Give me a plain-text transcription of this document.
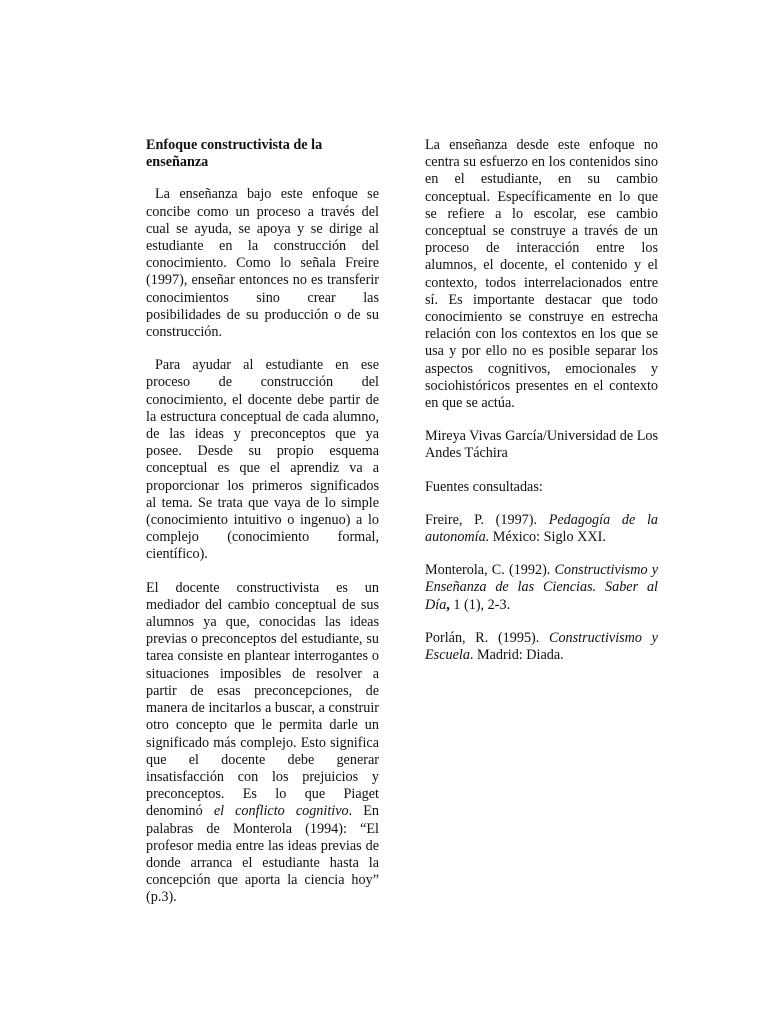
Enfoque constructivista de la enseñanza

La enseñanza bajo este enfoque se concibe como un proceso a través del cual se ayuda, se apoya y se dirige al estudiante en la construcción del conocimiento. Como lo señala Freire (1997), enseñar entonces no es transferir conocimientos sino crear las posibilidades de su producción o de su construcción.

Para ayudar al estudiante en ese proceso de construcción del conocimiento, el docente debe partir de la estructura conceptual de cada alumno, de las ideas y preconceptos que ya posee. Desde su propio esquema conceptual es que el aprendiz va a proporcionar los primeros significados al tema. Se trata que vaya de lo simple (conocimiento intuitivo o ingenuo) a lo complejo (conocimiento formal, científico).

El docente constructivista es un mediador del cambio conceptual de sus alumnos ya que, conocidas las ideas previas o preconceptos del estudiante, su tarea consiste en plantear interrogantes o situaciones imposibles de resolver a partir de esas preconcepciones, de manera de incitarlos a buscar, a construir otro concepto que le permita darle un significado más complejo. Esto significa que el docente debe generar insatisfacción con los prejuicios y preconceptos. Es lo que Piaget denominó el conflicto cognitivo. En palabras de Monterola (1994): “El profesor media entre las ideas previas de donde arranca el estudiante hasta la concepción que aporta la ciencia hoy” (p.3).

La enseñanza desde este enfoque no centra su esfuerzo en los contenidos sino en el estudiante, en su cambio conceptual. Específicamente en lo que se refiere a lo escolar, ese cambio conceptual se construye a través de un proceso de interacción entre los alumnos, el docente, el contenido y el contexto, todos interrelacionados entre sí. Es importante destacar que todo conocimiento se construye en estrecha relación con los contextos en los que se usa y por ello no es posible separar los aspectos cognitivos, emocionales y sociohistóricos presentes en el contexto en que se actúa.

Mireya Vivas García/Universidad de Los Andes Táchira

Fuentes consultadas:

Freire, P. (1997). Pedagogía de la autonomía. México: Siglo XXI.

Monterola, C. (1992). Constructivismo y Enseñanza de las Ciencias. Saber al Día, 1 (1), 2-3.

Porlán, R. (1995). Constructivismo y Escuela. Madrid: Diada.
